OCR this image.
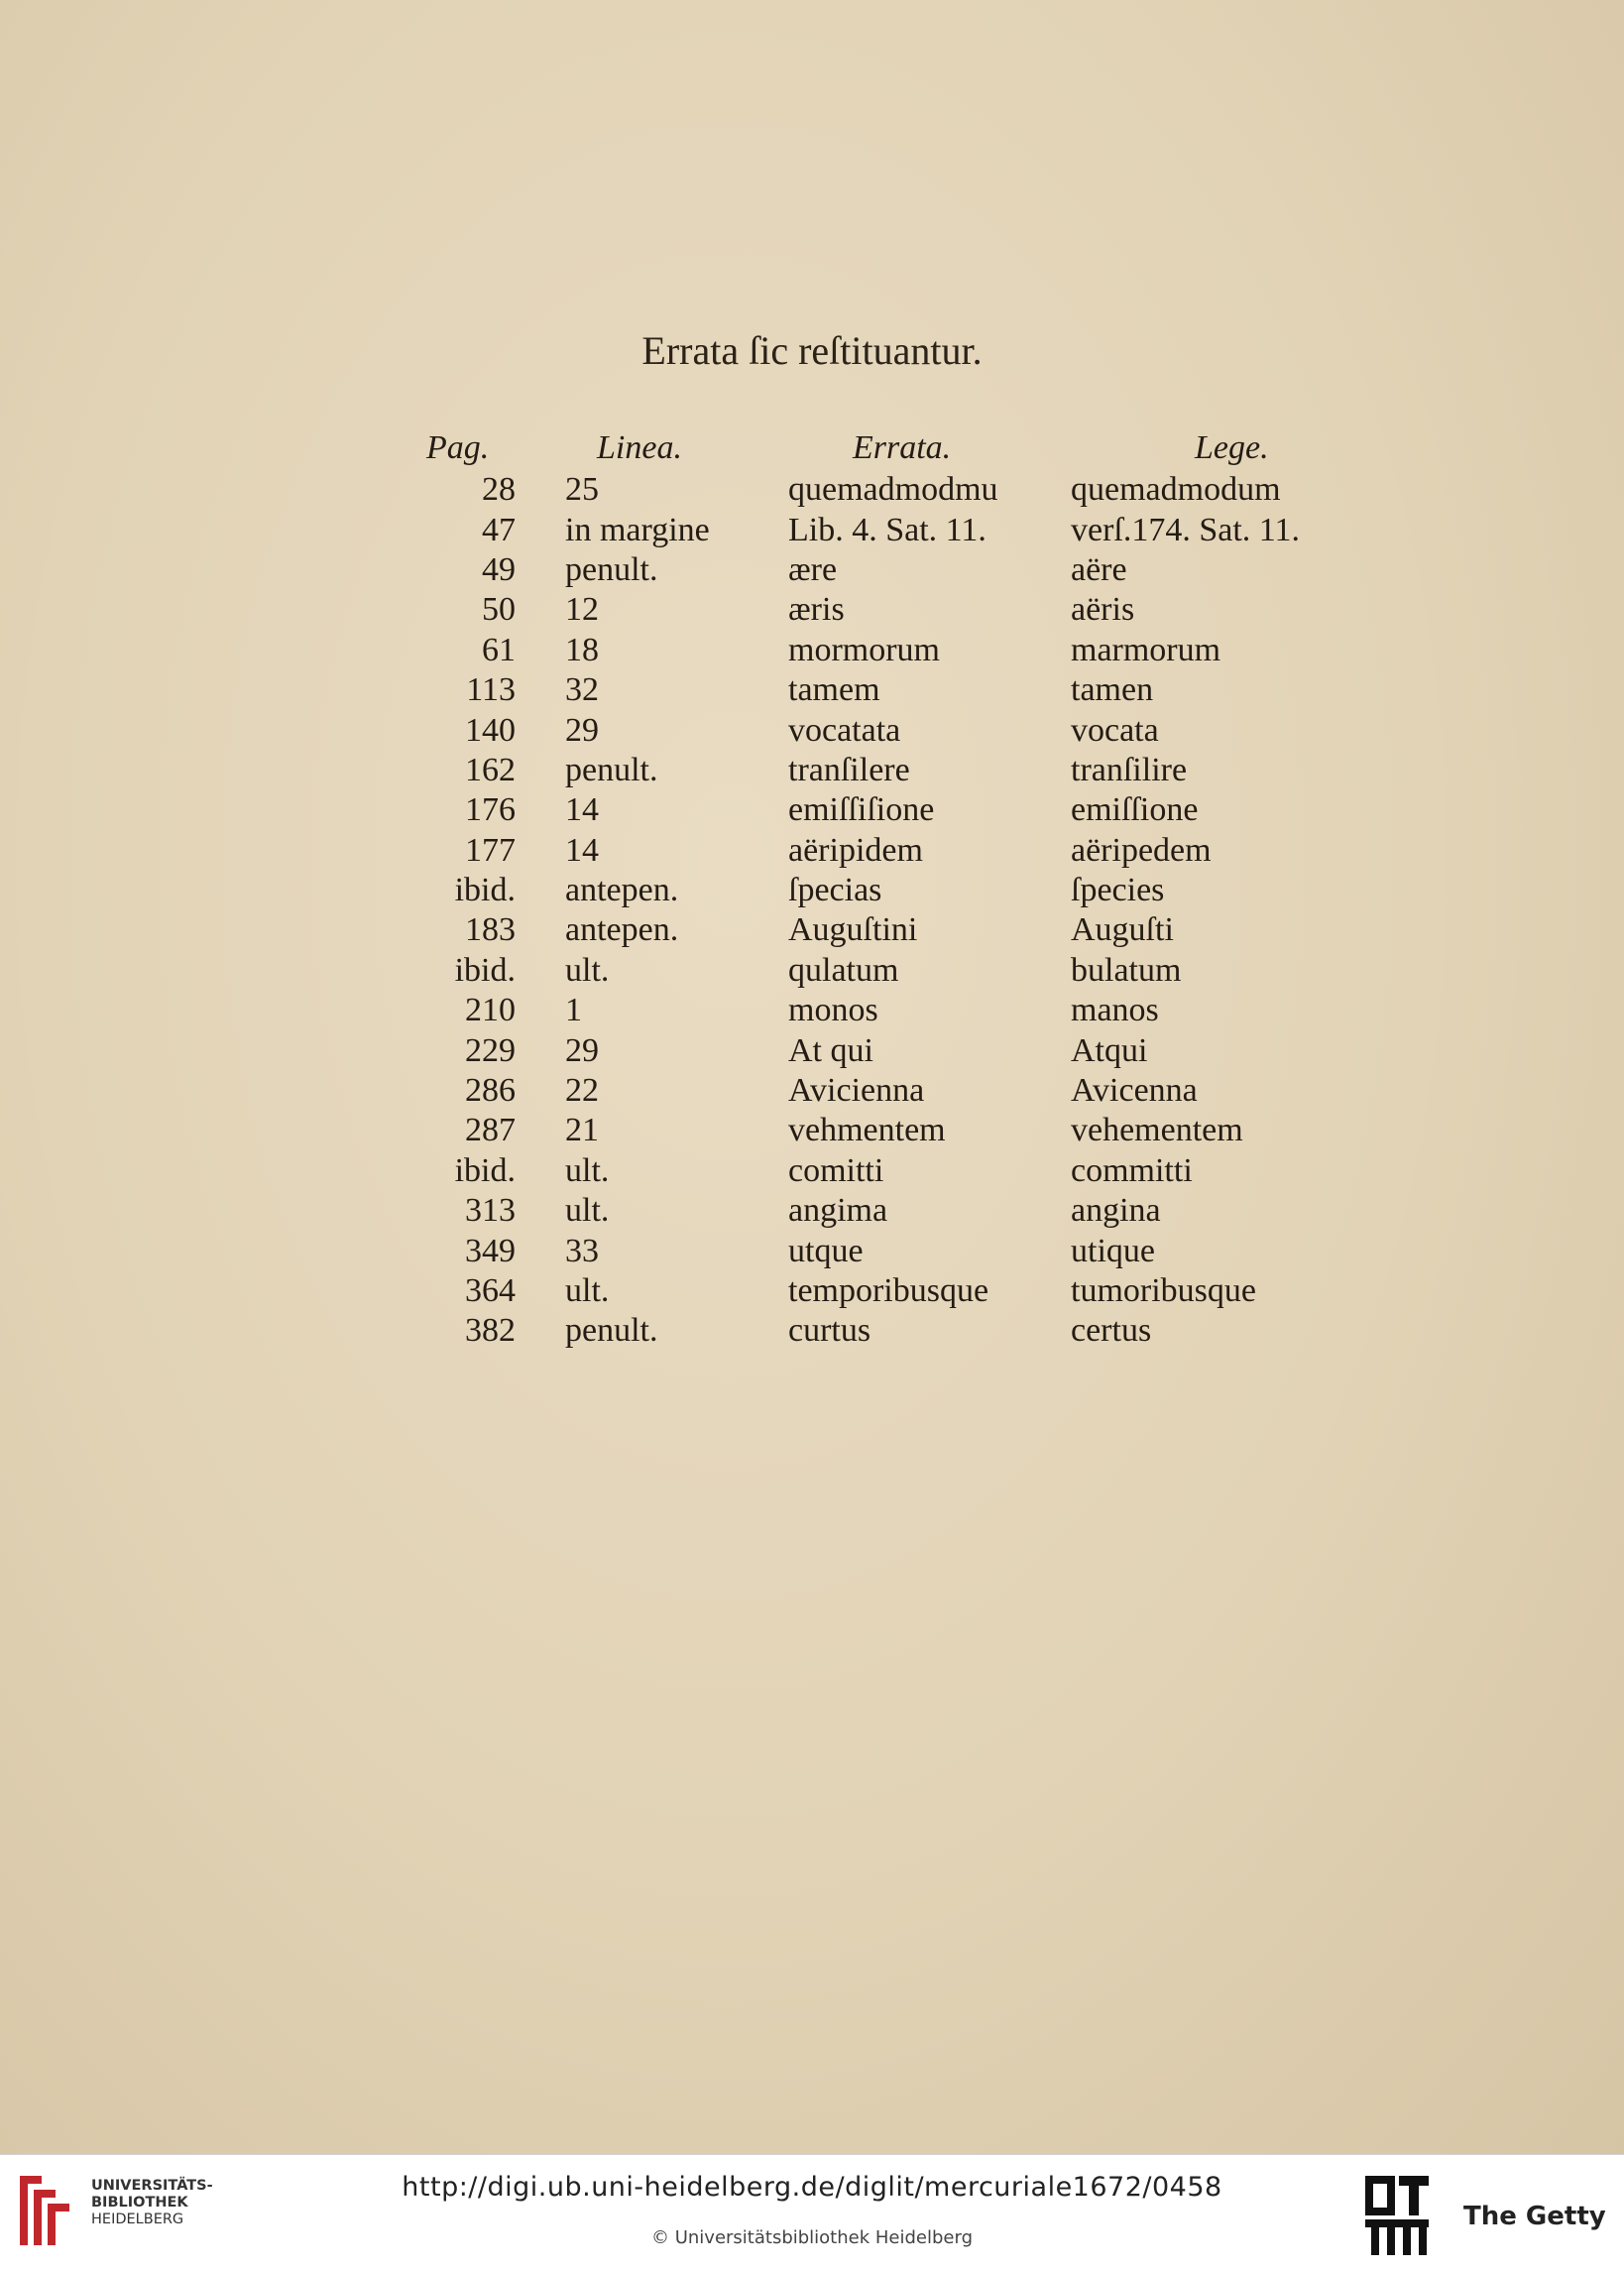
Errata ſic reſtituantur.
Pag.	Linea.	Errata.	Lege.
28	25	quemadmodmu	quemadmodum
47	in margine	Lib. 4. Sat. 11.	verſ.174. Sat. 11.
49	penult.	ære	aëre
50	12	æris	aëris
61	18	mormorum	marmorum
113	32	tamem	tamen
140	29	vocatata	vocata
162	penult.	tranſilere	tranſilire
176	14	emiſſiſione	emiſſione
177	14	aëripidem	aëripedem
ibid.	antepen.	ſpecias	ſpecies
183	antepen.	Auguſtini	Auguſti
ibid.	ult.	qulatum	bulatum
210	1	monos	manos
229	29	At qui	Atqui
286	22	Avicienna	Avicenna
287	21	vehmentem	vehementem
ibid.	ult.	comitti	committi
313	ult.	angima	angina
349	33	utque	utique
364	ult.	temporibusque	tumoribusque
382	penult.	curtus	certus
UNIVERSITÄTS-
BIBLIOTHEK
HEIDELBERG
http://digi.ub.uni-heidelberg.de/diglit/mercuriale1672/0458
© Universitätsbibliothek Heidelberg
The Getty
